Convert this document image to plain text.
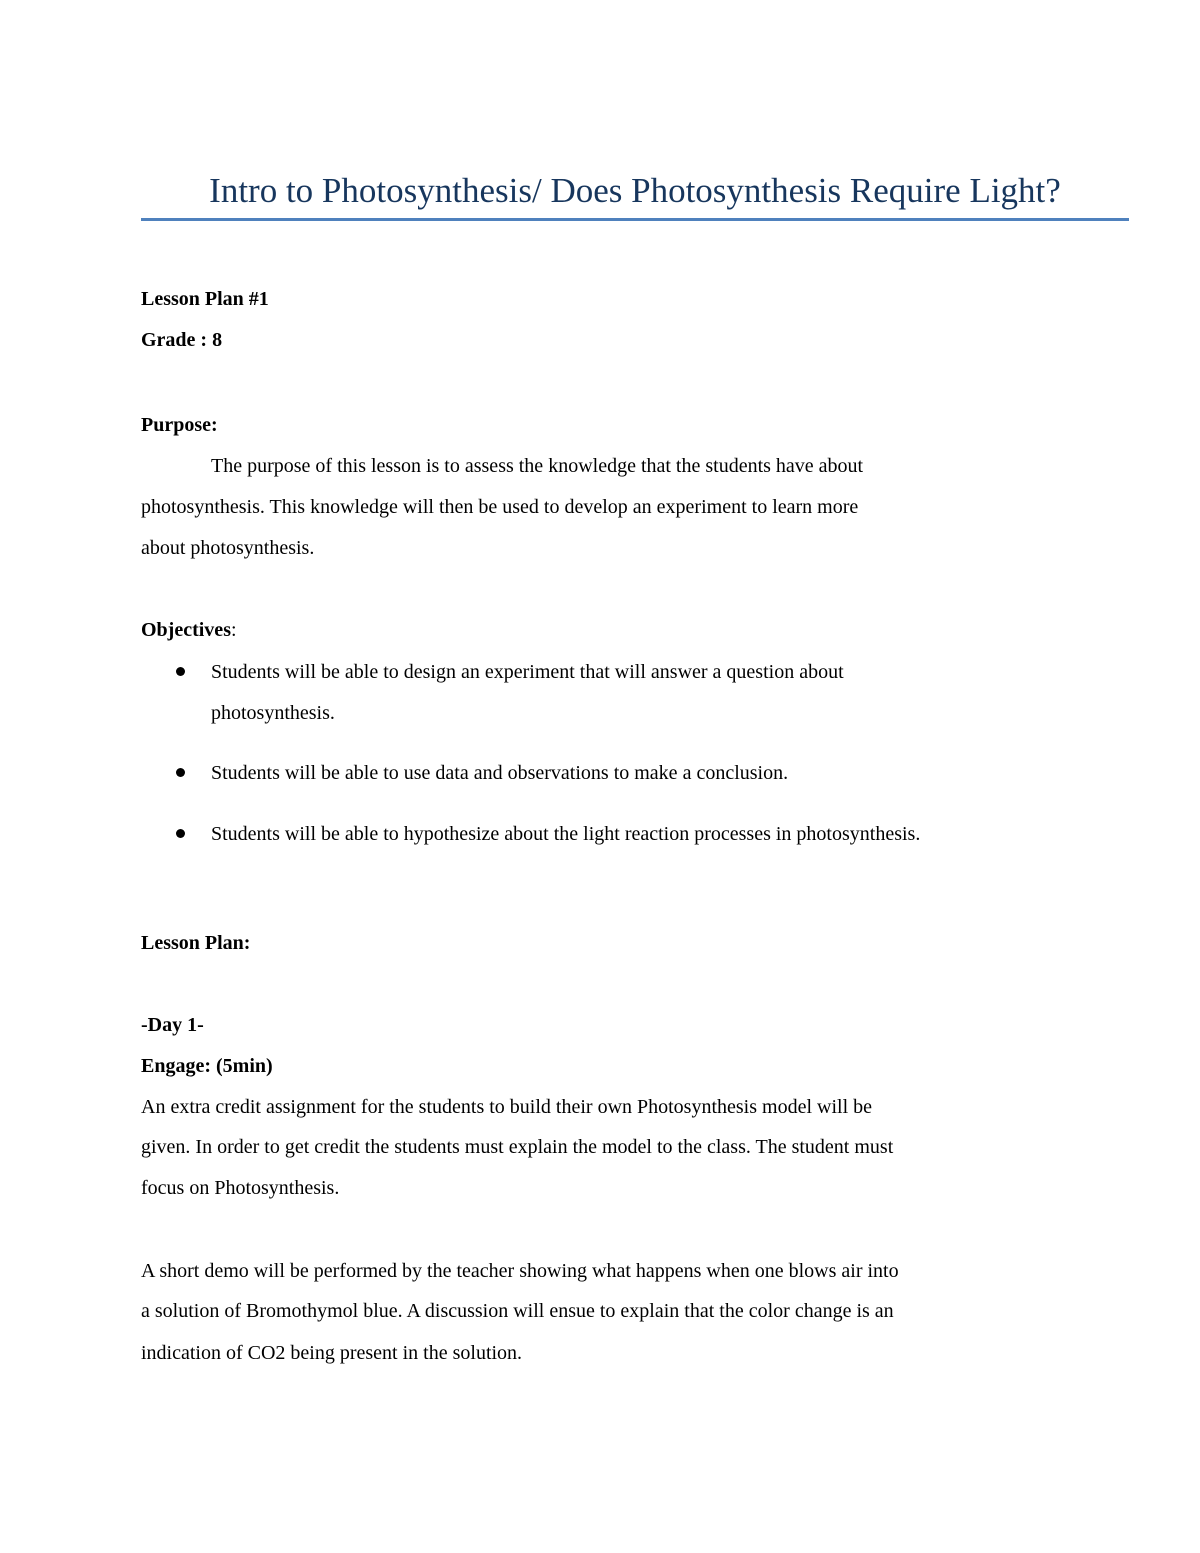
Intro to Photosynthesis/ Does Photosynthesis Require Light?
Lesson Plan #1
Grade : 8
Purpose:
The purpose of this lesson is to assess the knowledge that the students have about
photosynthesis. This knowledge will then be used to develop an experiment to learn more
about photosynthesis.
Objectives:
Students will be able to design an experiment that will answer a question about
photosynthesis.
Students will be able to use data and observations to make a conclusion.
Students will be able to hypothesize about the light reaction processes in photosynthesis.
Lesson Plan:
-Day 1-
Engage: (5min)
An extra credit assignment for the students to build their own Photosynthesis model will be
given. In order to get credit the students must explain the model to the class. The student must
focus on Photosynthesis.
A short demo will be performed by the teacher showing what happens when one blows air into
a solution of Bromothymol blue. A discussion will ensue to explain that the color change is an
indication of CO2 being present in the solution.
